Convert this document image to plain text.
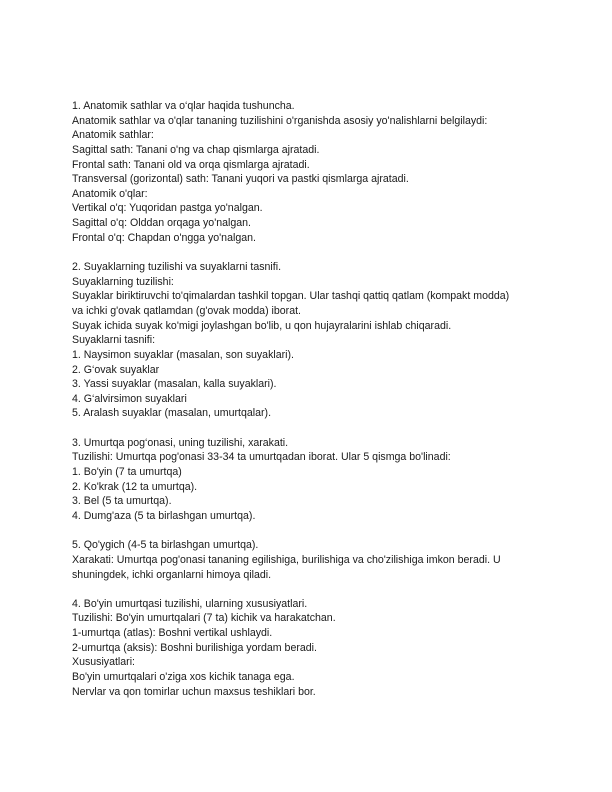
1. Anatomik sathlar va o‘qlar haqida tushuncha.
Anatomik sathlar va o'qlar tananing tuzilishini o'rganishda asosiy yo'nalishlarni belgilaydi:
Anatomik sathlar:
Sagittal sath: Tanani o'ng va chap qismlarga ajratadi.
Frontal sath: Tanani old va orqa qismlarga ajratadi.
Transversal (gorizontal) sath: Tanani yuqori va pastki qismlarga ajratadi.
Anatomik o'qlar:
Vertikal o'q: Yuqoridan pastga yo'nalgan.
Sagittal o'q: Olddan orqaga yo'nalgan.
Frontal o'q: Chapdan o'ngga yo'nalgan.
2. Suyaklarning tuzilishi va suyaklarni tasnifi.
Suyaklarning tuzilishi:
Suyaklar biriktiruvchi to'qimalardan tashkil topgan. Ular tashqi qattiq qatlam (kompakt modda)
va ichki g'ovak qatlamdan (g'ovak modda) iborat.
Suyak ichida suyak ko'migi joylashgan bo'lib, u qon hujayralarini ishlab chiqaradi.
Suyaklarni tasnifi:
1. Naysimon suyaklar (masalan, son suyaklari).
2. G‘ovak suyaklar
3. Yassi suyaklar (masalan, kalla suyaklari).
4. G‘alvirsimon suyaklari
5. Aralash suyaklar (masalan, umurtqalar).
3. Umurtqa pog‘onasi, uning tuzilishi, xarakati.
Tuzilishi: Umurtqa pog'onasi 33-34 ta umurtqadan iborat. Ular 5 qismga bo'linadi:
1. Bo'yin (7 ta umurtqa)
2. Ko'krak (12 ta umurtqa).
3. Bel (5 ta umurtqa).
4. Dumg'aza (5 ta birlashgan umurtqa).
5. Qo'ygich (4-5 ta birlashgan umurtqa).
Xarakati: Umurtqa pog'onasi tananing egilishiga, burilishiga va cho'zilishiga imkon beradi. U
shuningdek, ichki organlarni himoya qiladi.
4. Bo'yin umurtqasi tuzilishi, ularning xususiyatlari.
Tuzilishi: Bo'yin umurtqalari (7 ta) kichik va harakatchan.
1-umurtqa (atlas): Boshni vertikal ushlaydi.
2-umurtqa (aksis): Boshni burilishiga yordam beradi.
Xususiyatlari:
Bo'yin umurtqalari o'ziga xos kichik tanaga ega.
Nervlar va qon tomirlar uchun maxsus teshiklari bor.
